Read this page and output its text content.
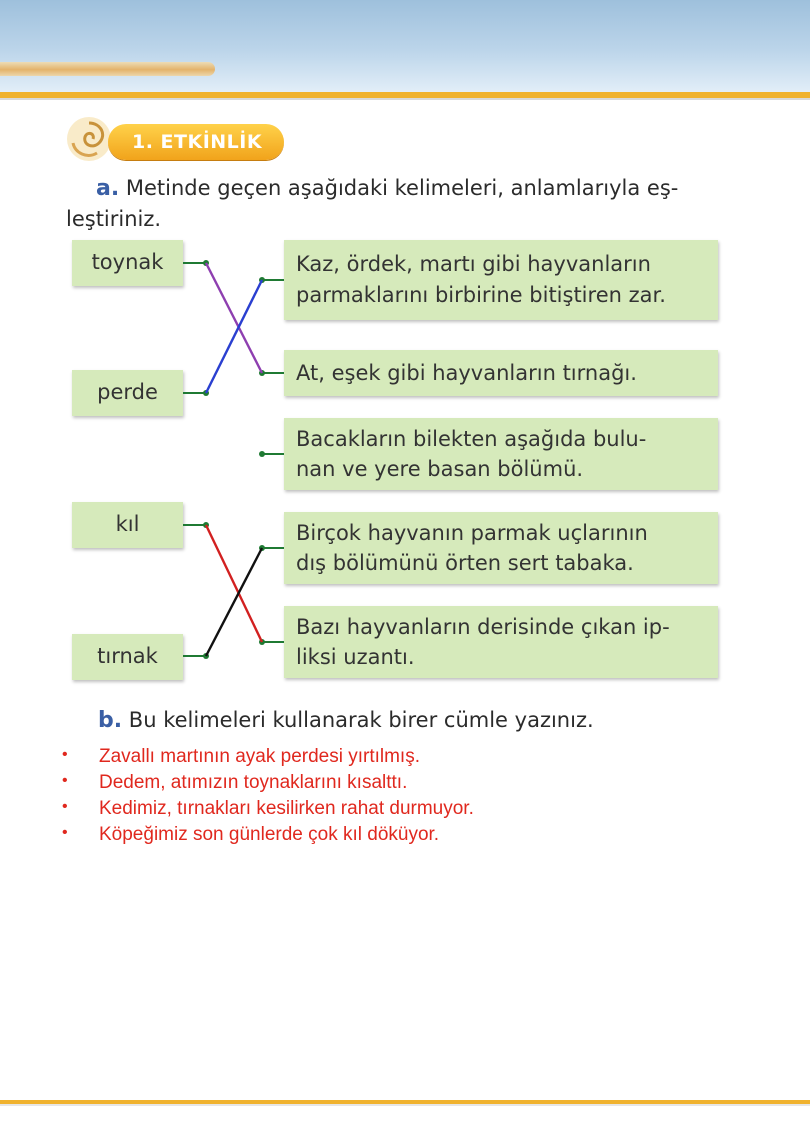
1. ETKİNLİK
a. Metinde geçen aşağıdaki kelimeleri, anlamlarıyla eş-
leştiriniz.
toynak
perde
kıl
tırnak
Kaz, ördek, martı gibi hayvanların
parmaklarını birbirine bitiştiren zar.
At, eşek gibi hayvanların tırnağı.
Bacakların bilekten aşağıda bulu-
nan ve yere basan bölümü.
Birçok hayvanın parmak uçlarının
dış bölümünü örten sert tabaka.
Bazı hayvanların derisinde çıkan ip-
liksi uzantı.
b. Bu kelimeleri kullanarak birer cümle yazınız.
• Zavallı martının ayak perdesi yırtılmış.
• Dedem, atımızın toynaklarını kısalttı.
• Kedimiz, tırnakları kesilirken rahat durmuyor.
• Köpeğimiz son günlerde çok kıl döküyor.
